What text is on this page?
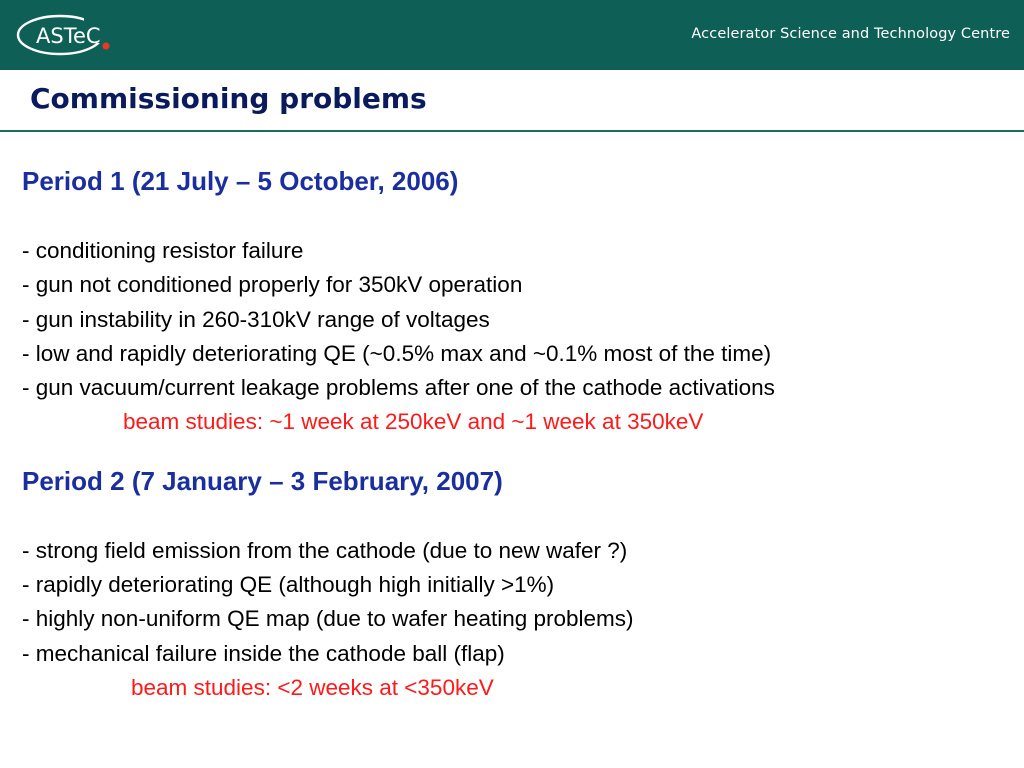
ASTeC	Accelerator Science and Technology Centre
Commissioning problems
Period 1 (21 July – 5 October, 2006)
- conditioning resistor failure
- gun not conditioned properly for 350kV operation
- gun instability in 260-310kV range of voltages
- low and rapidly deteriorating QE (~0.5% max and ~0.1% most of the time)
- gun vacuum/current leakage problems after one of the cathode activations
beam studies: ~1 week at 250keV and ~1 week at 350keV
Period 2 (7 January – 3 February, 2007)
- strong field emission from the cathode (due to new wafer ?)
- rapidly deteriorating QE (although high initially >1%)
- highly non-uniform QE map (due to wafer heating problems)
- mechanical failure inside the cathode ball (flap)
beam studies: <2 weeks at <350keV
